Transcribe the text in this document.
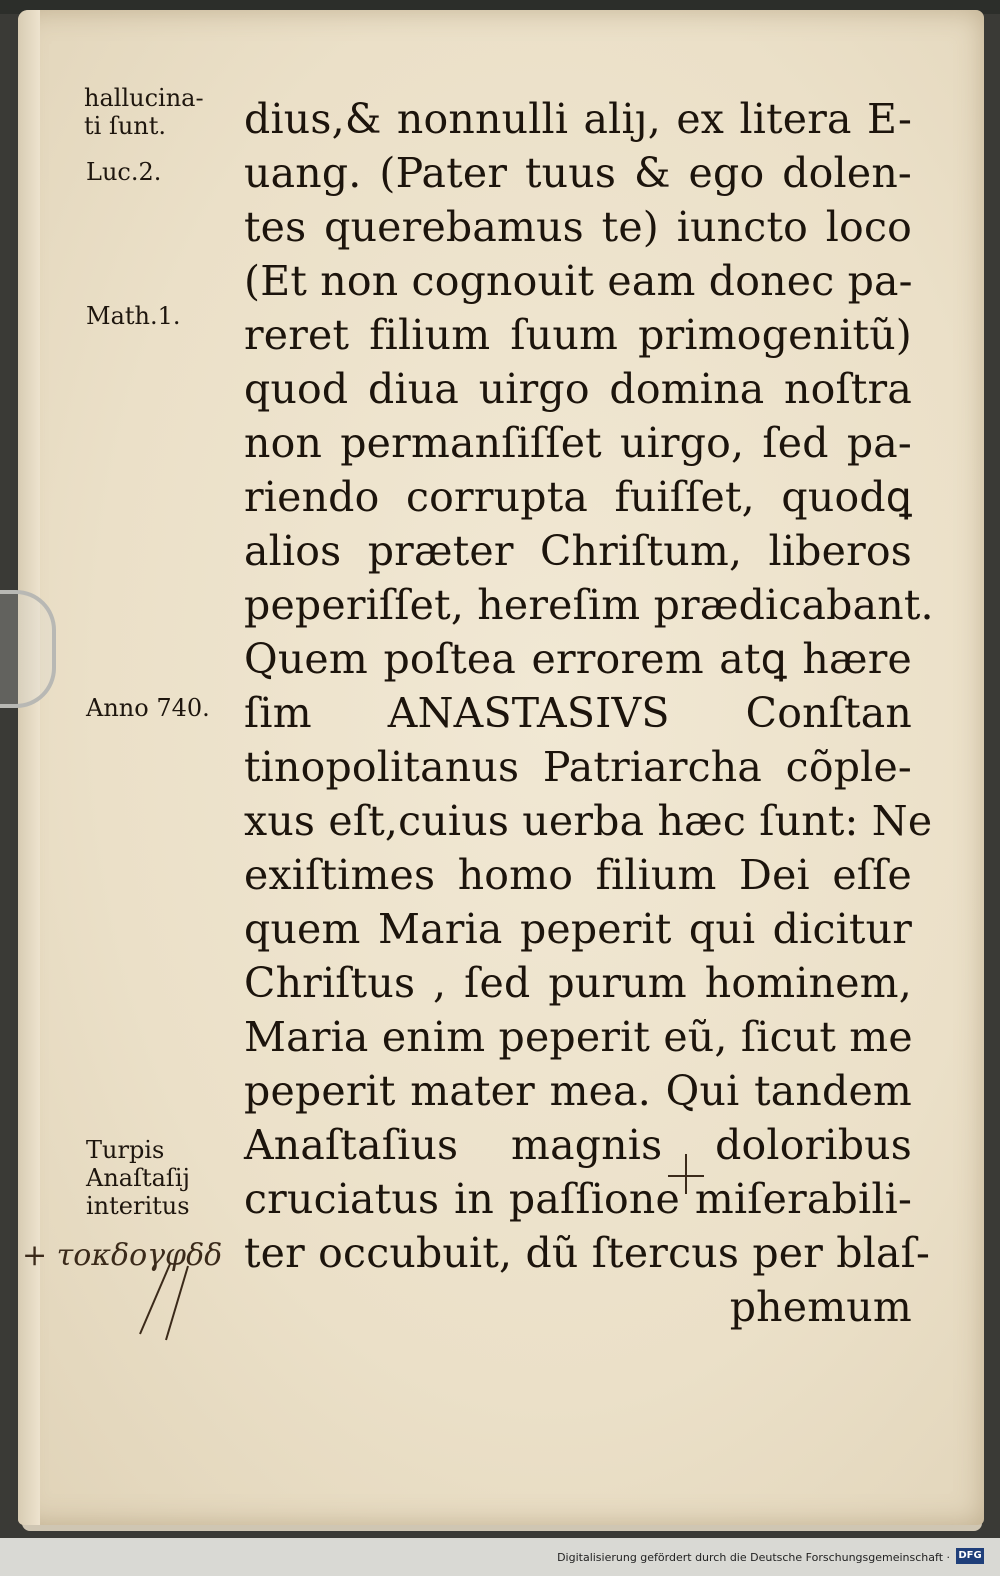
hallucina-
ti ſunt.
Luc.2.
Math.1.
Anno 740.
Turpis
Anaſtaſij
interitus
+ τοκδογφδδ
dius,& nonnulli aliȷ, ex litera E-
uang. (Pater tuus & ego dolen-
tes querebamus te) iuncto loco
(Et non cognouit eam donec pa-
reret filium ſuum primogenitũ)
quod diua uirgo domina noſtra
non permanſiſſet uirgo, ſed pa-
riendo corrupta fuiſſet, quodꝗ
alios præter Chriſtum, liberos
peperiſſet, hereſim prædicabant.
Quem poſtea errorem atꝗ hære
ſim ANASTASIVS Conſtan
tinopolitanus Patriarcha cõple-
xus eſt,cuius uerba hæc ſunt: Ne
exiſtimes homo filium Dei eſſe
quem Maria peperit qui dicitur
Chriſtus , ſed purum hominem,
Maria enim peperit eũ, ſicut me
peperit mater mea. Qui tandem
Anaſtaſius magnis doloribus
cruciatus in paſſione miſerabili-
ter occubuit, dũ ſtercus per blaſ-
phemum
Digitalisierung gefördert durch die Deutsche Forschungsgemeinschaft · DFG
